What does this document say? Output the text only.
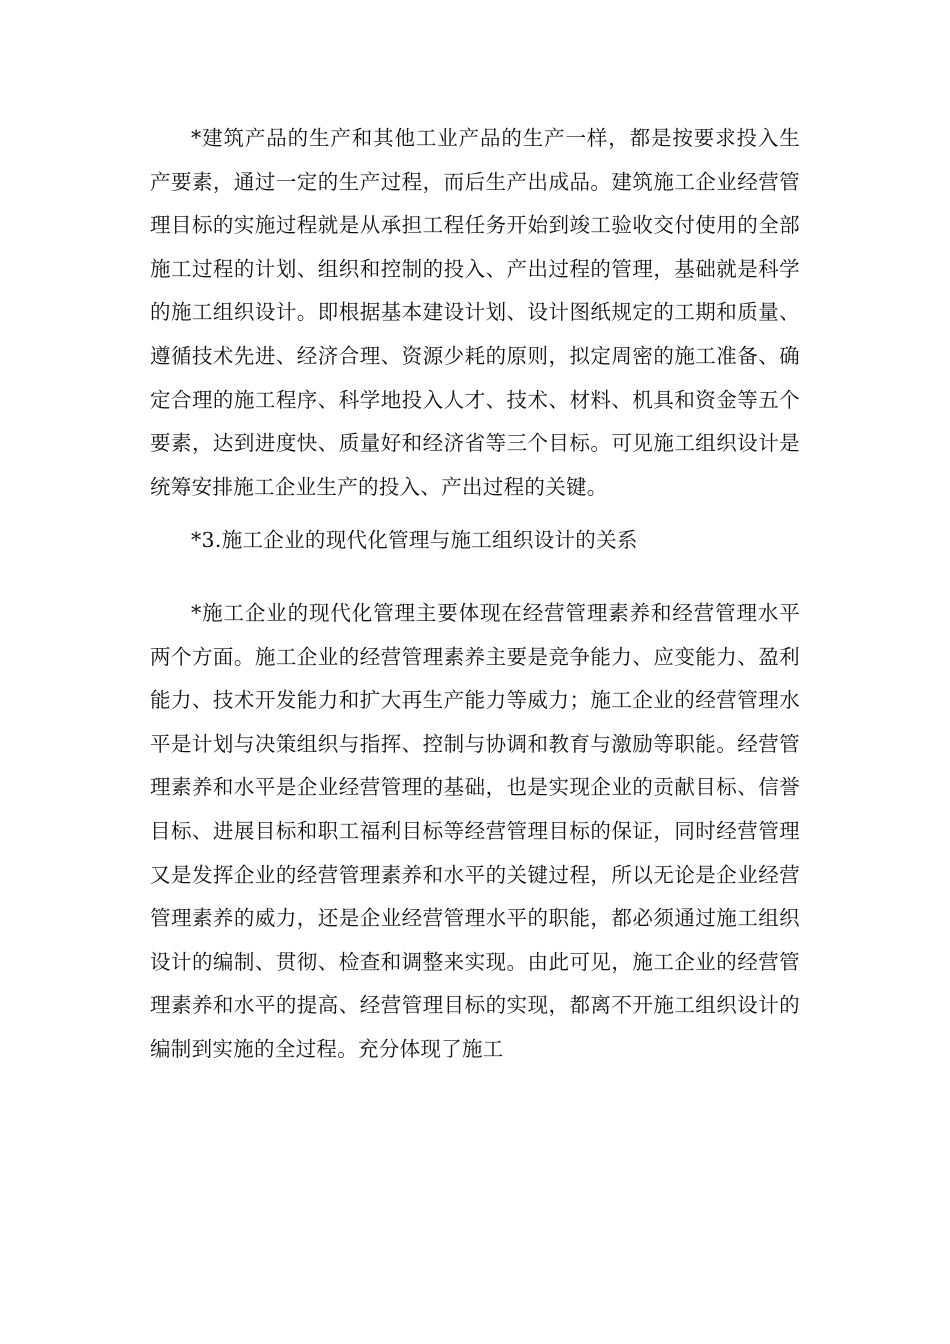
*建筑产品的生产和其他工业产品的生产一样，都是按要求投入生产要素，通过一定的生产过程，而后生产出成品。建筑施工企业经营管理目标的实施过程就是从承担工程任务开始到竣工验收交付使用的全部施工过程的计划、组织和控制的投入、产出过程的管理，基础就是科学的施工组织设计。即根据基本建设计划、设计图纸规定的工期和质量、遵循技术先进、经济合理、资源少耗的原则，拟定周密的施工准备、确定合理的施工程序、科学地投入人才、技术、材料、机具和资金等五个要素，达到进度快、质量好和经济省等三个目标。可见施工组织设计是统筹安排施工企业生产的投入、产出过程的关键。

*3.施工企业的现代化管理与施工组织设计的关系

*施工企业的现代化管理主要体现在经营管理素养和经营管理水平两个方面。施工企业的经营管理素养主要是竞争能力、应变能力、盈利能力、技术开发能力和扩大再生产能力等威力；施工企业的经营管理水平是计划与决策组织与指挥、控制与协调和教育与激励等职能。经营管理素养和水平是企业经营管理的基础，也是实现企业的贡献目标、信誉目标、进展目标和职工福利目标等经营管理目标的保证，同时经营管理又是发挥企业的经营管理素养和水平的关键过程，所以无论是企业经营管理素养的威力，还是企业经营管理水平的职能，都必须通过施工组织设计的编制、贯彻、检查和调整来实现。由此可见，施工企业的经营管理素养和水平的提高、经营管理目标的实现，都离不开施工组织设计的编制到实施的全过程。充分体现了施工
